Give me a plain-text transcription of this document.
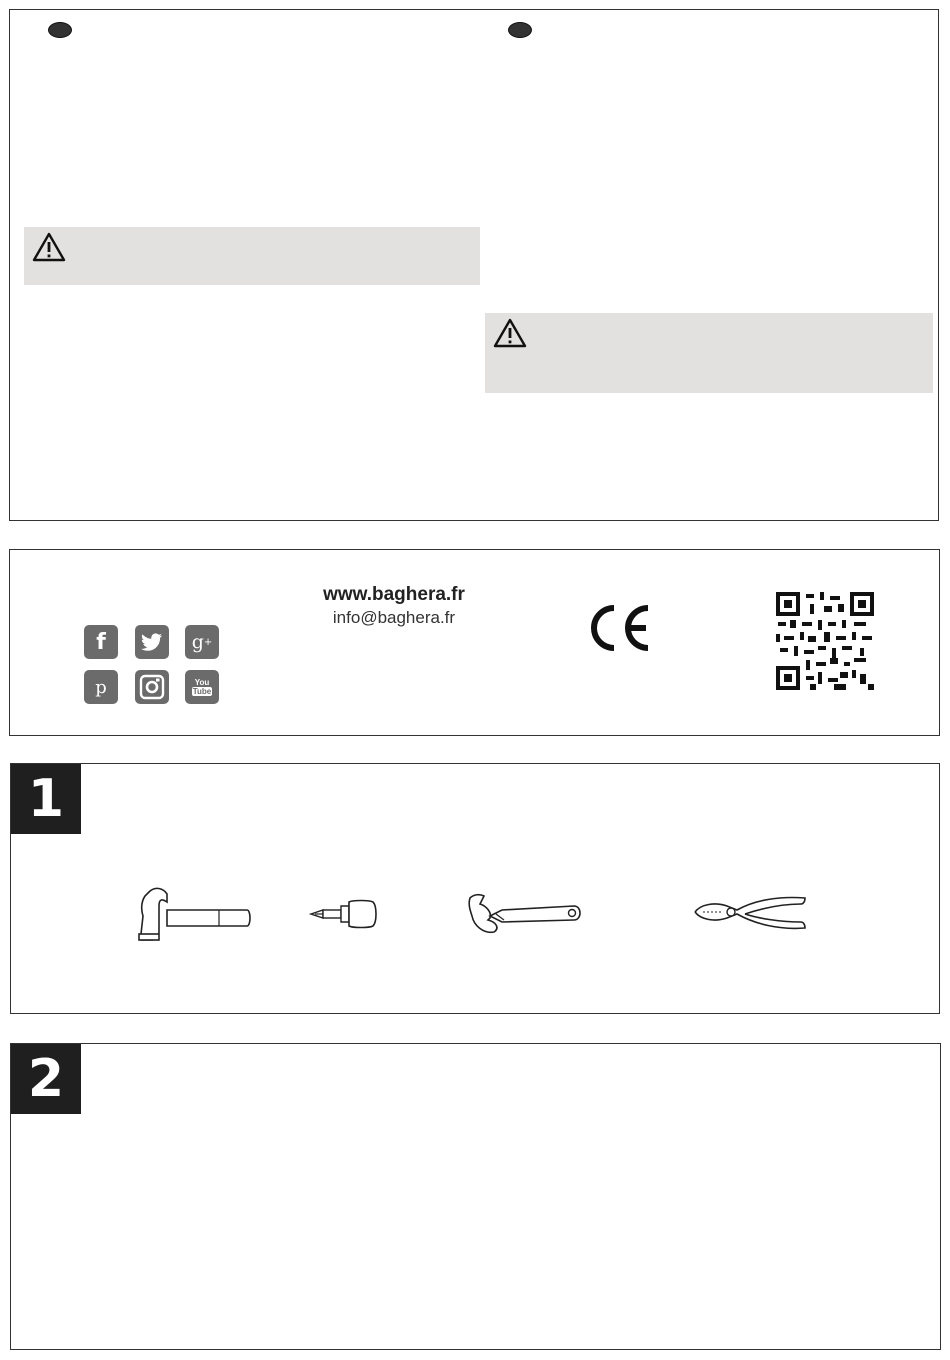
f	g +
p	You
Tube
www.baghera.fr
info@baghera.fr
1
2
